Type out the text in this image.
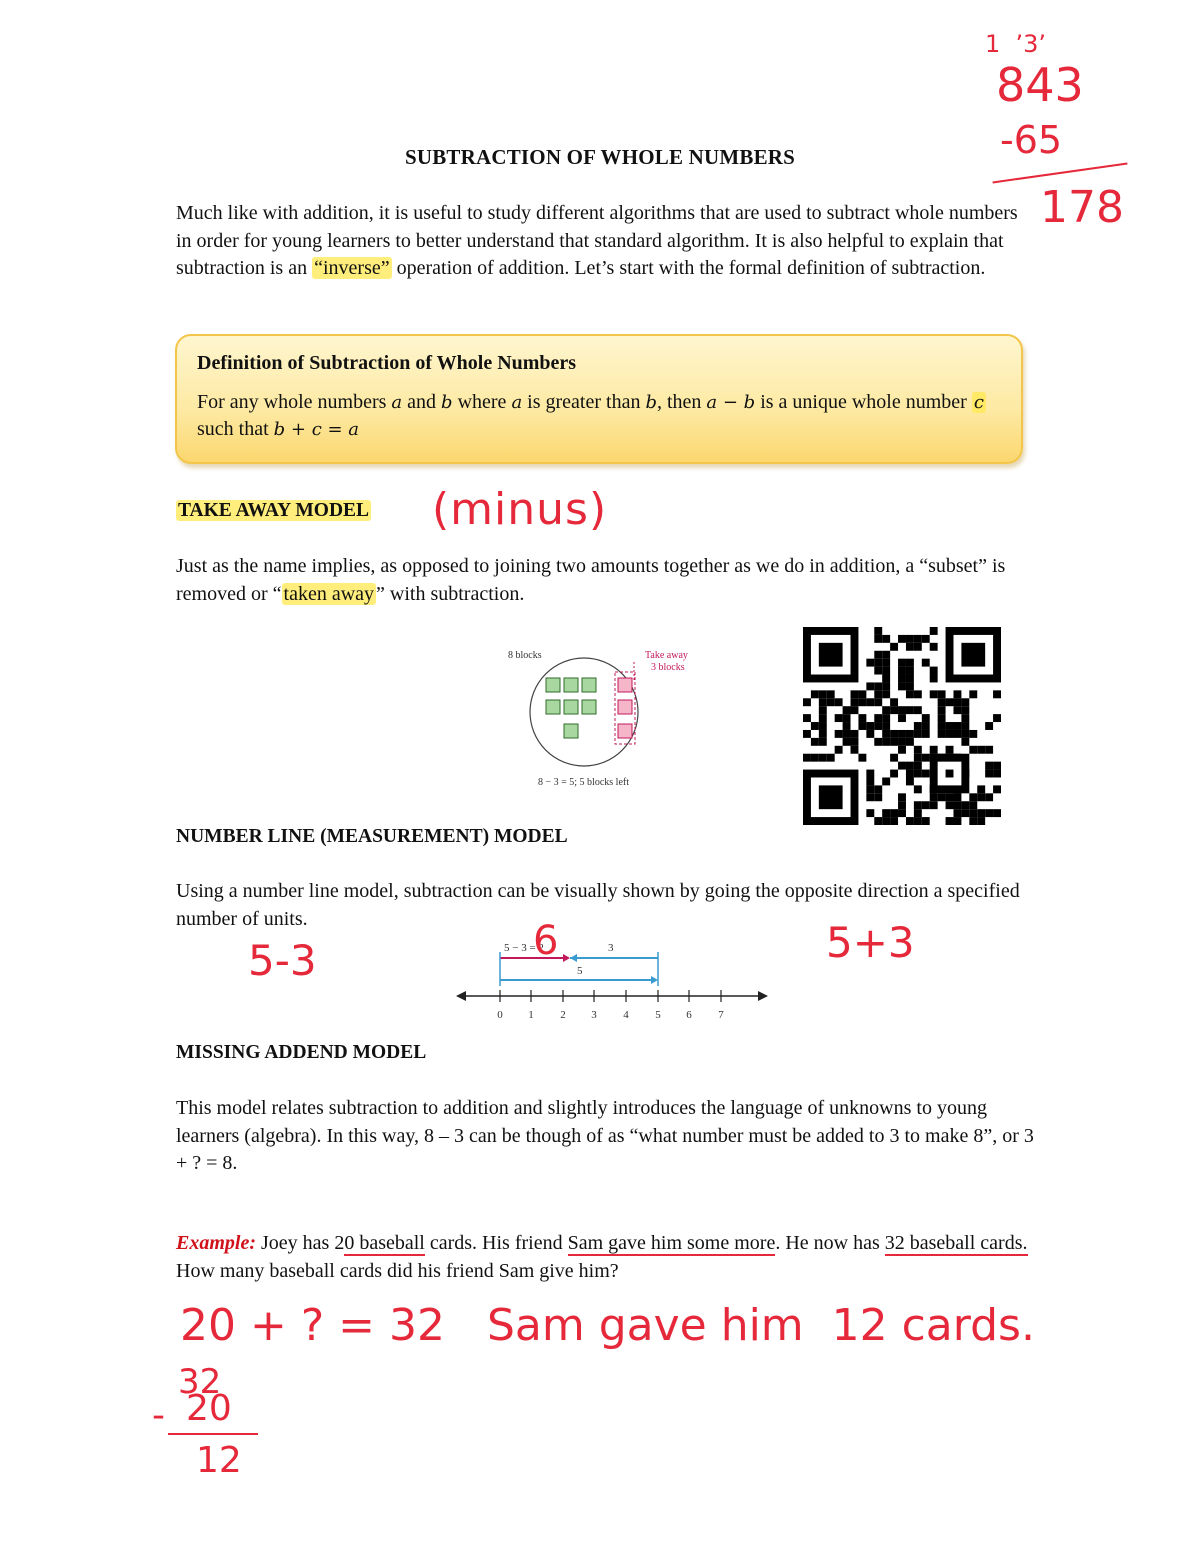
SUBTRACTION OF WHOLE NUMBERS
Much like with addition, it is useful to study different algorithms that are used to subtract whole numbers in order for young learners to better understand that standard algorithm. It is also helpful to explain that subtraction is an “inverse” operation of addition. Let’s start with the formal definition of subtraction.
Definition of Subtraction of Whole Numbers
For any whole numbers a and b where a is greater than b, then a − b is a unique whole number c such that b + c = a
TAKE AWAY MODEL (minus)
Just as the name implies, as opposed to joining two amounts together as we do in addition, a “subset” is removed or “ taken away ” with subtraction.
8 blocks	Take away
3 blocks
8 − 3 = 5; 5 blocks left
NUMBER LINE (MEASUREMENT) MODEL
Using a number line model, subtraction can be visually shown by going the opposite direction a specified number of units.
5 − 3 = 2	3
5
0 1 2 3 4 5 6 7
6
5-3	5+3
MISSING ADDEND MODEL
This model relates subtraction to addition and slightly introduces the language of unknowns to young learners (algebra). In this way, 8 – 3 can be though of as “what number must be added to 3 to make 8”, or 3 + ? = 8.
Example: Joey has 20 baseball cards. His friend Sam gave him some more. He now has 32 baseball cards. How many baseball cards did his friend Sam give him?
20 + ? = 32   Sam gave him  12 cards.
32
- 20
12
1  ’3’
843
-65
178
